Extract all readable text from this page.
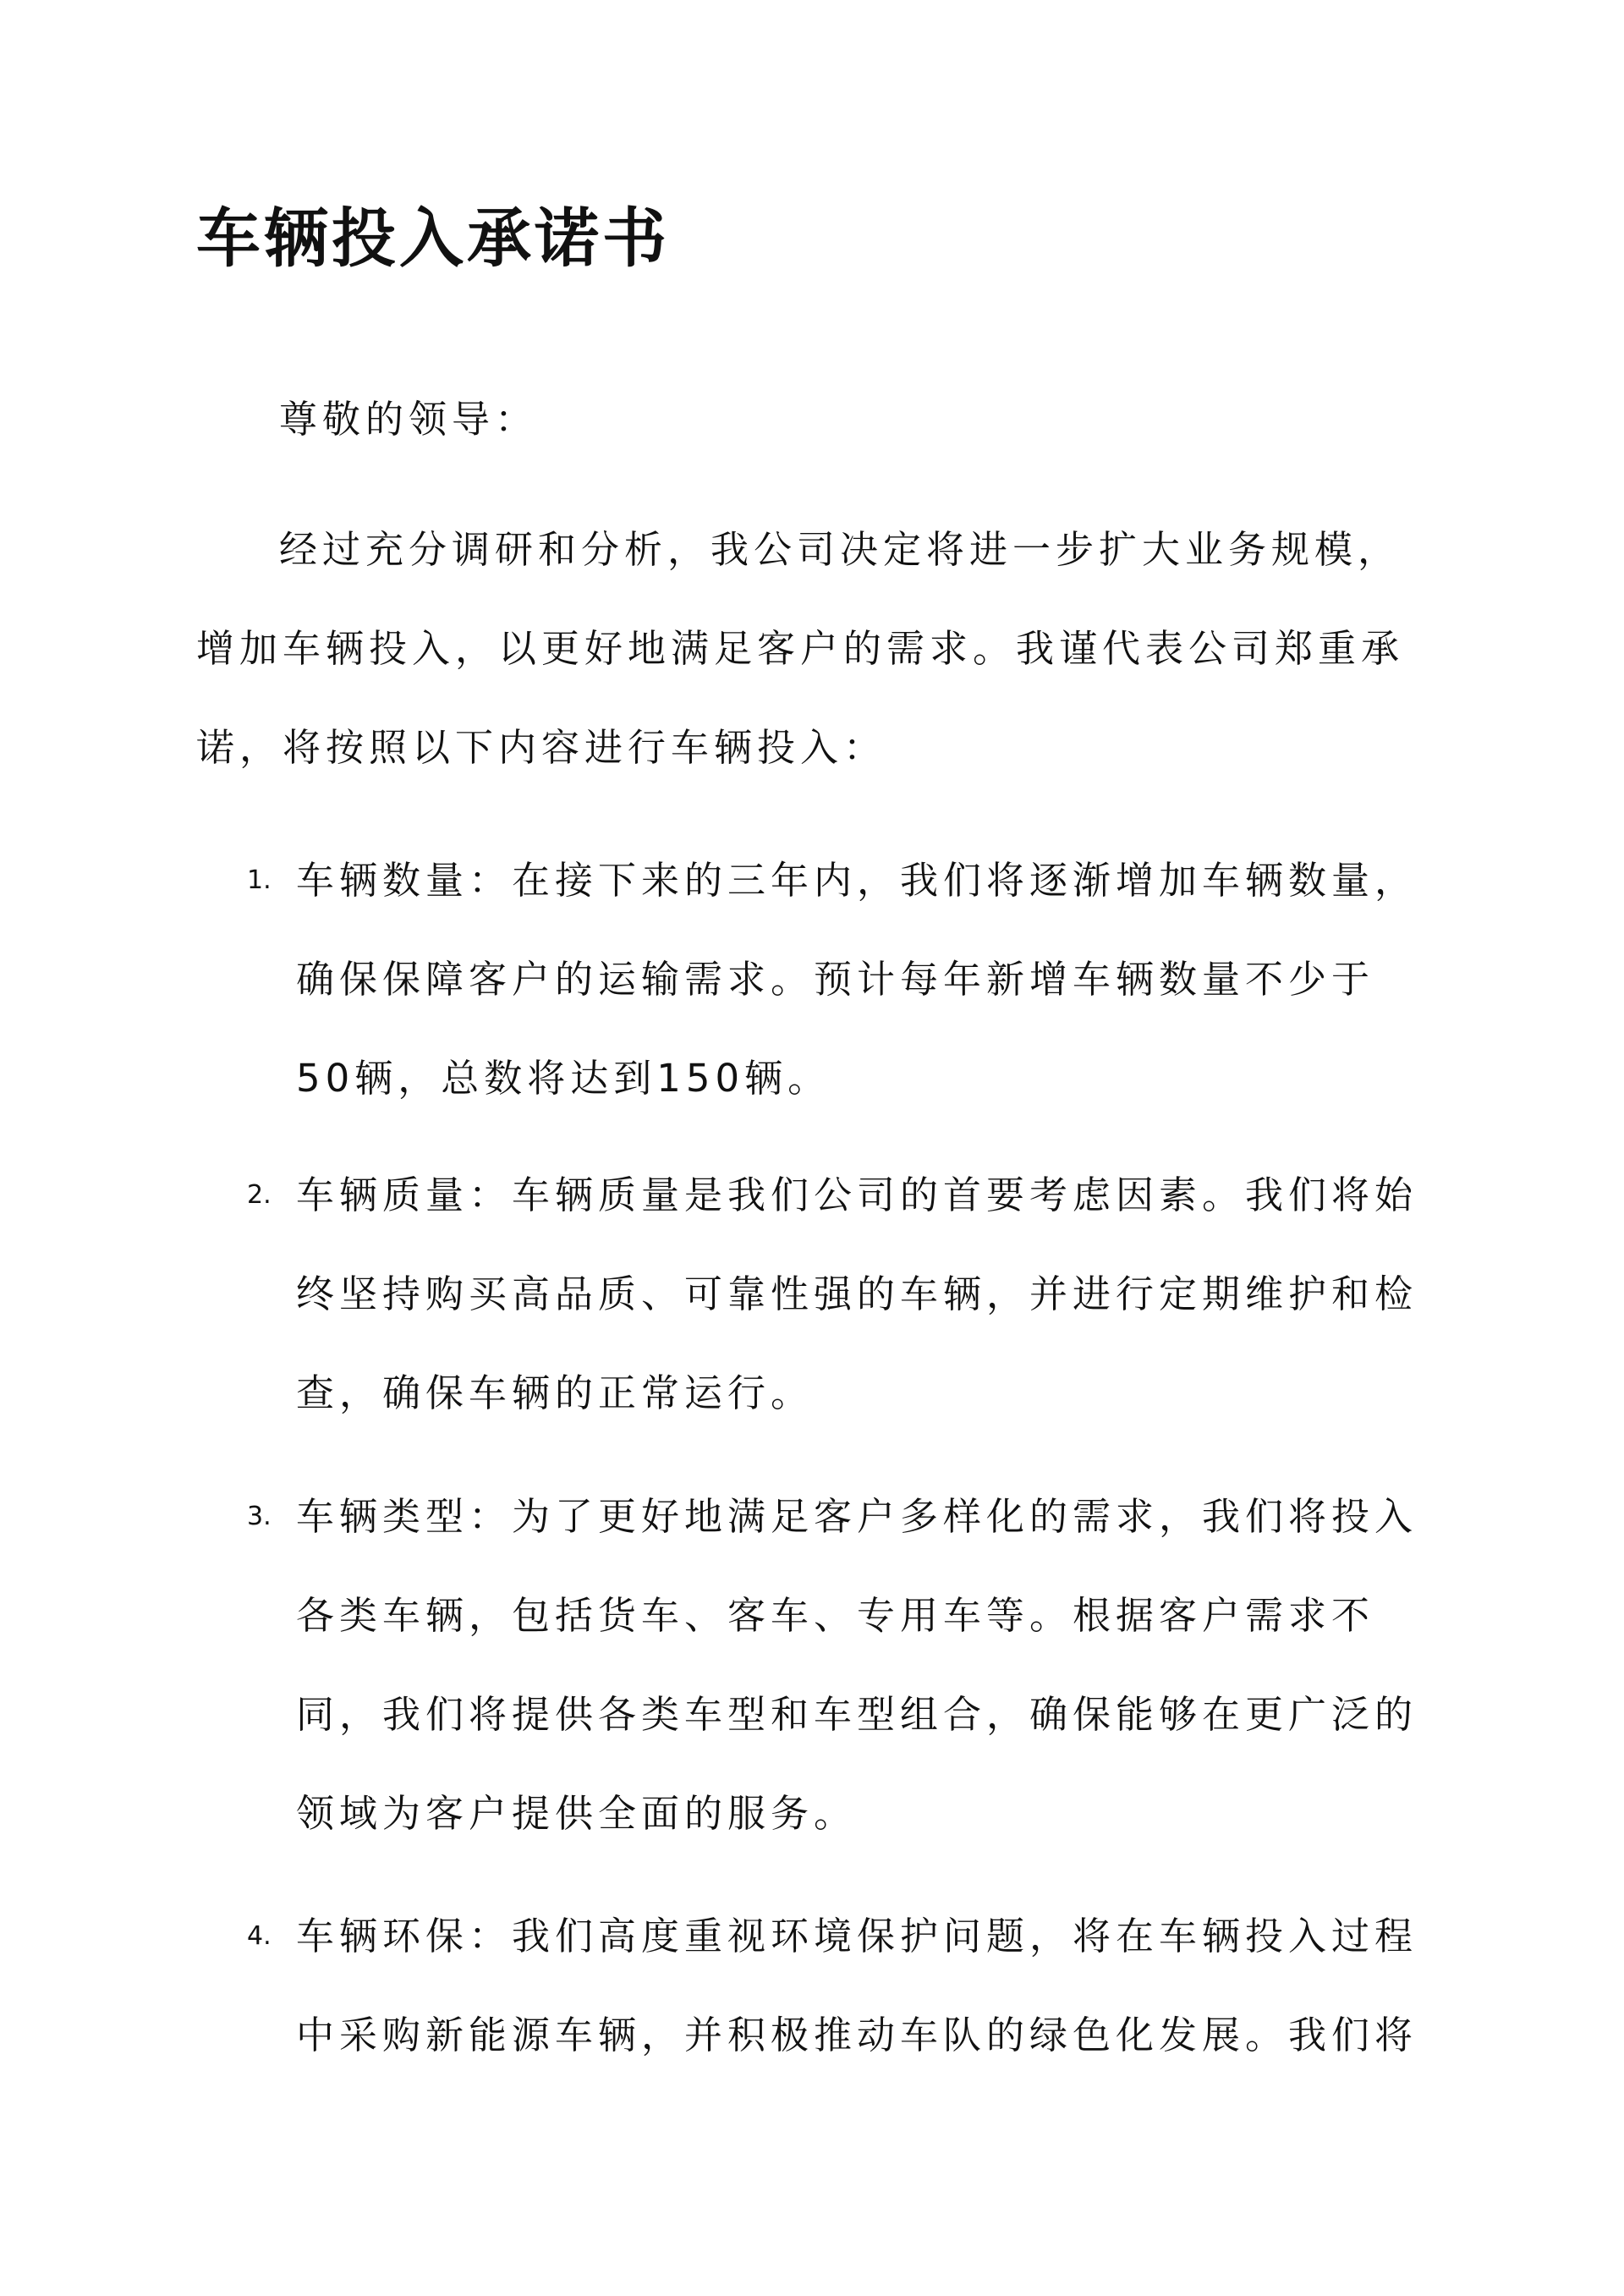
车辆投入承诺书

尊敬的领导：

经过充分调研和分析，我公司决定将进一步扩大业务规模，增加车辆投入，以更好地满足客户的需求。我谨代表公司郑重承诺，将按照以下内容进行车辆投入：

1. 车辆数量：在接下来的三年内，我们将逐渐增加车辆数量，确保保障客户的运输需求。预计每年新增车辆数量不少于50辆，总数将达到150辆。

2. 车辆质量：车辆质量是我们公司的首要考虑因素。我们将始终坚持购买高品质、可靠性强的车辆，并进行定期维护和检查，确保车辆的正常运行。

3. 车辆类型：为了更好地满足客户多样化的需求，我们将投入各类车辆，包括货车、客车、专用车等。根据客户需求不同，我们将提供各类车型和车型组合，确保能够在更广泛的领域为客户提供全面的服务。

4. 车辆环保：我们高度重视环境保护问题，将在车辆投入过程中采购新能源车辆，并积极推动车队的绿色化发展。我们将
